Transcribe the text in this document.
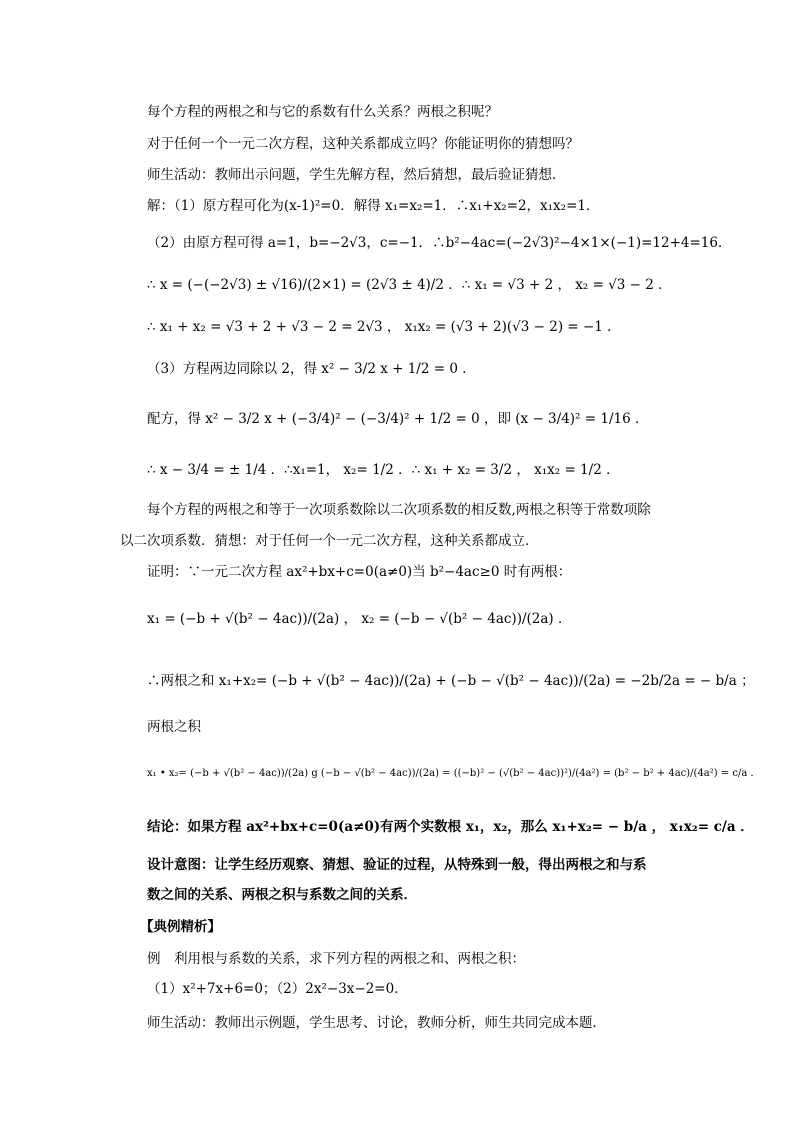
每个方程的两根之和与它的系数有什么关系？两根之积呢？
对于任何一个一元二次方程，这种关系都成立吗？你能证明你的猜想吗？
师生活动：教师出示问题，学生先解方程，然后猜想，最后验证猜想．
解：（1）原方程可化为(x-1)²=0．解得 x₁=x₂=1．∴x₁+x₂=2，x₁x₂=1．
（2）由原方程可得 a=1，b=−2√3，c=−1．∴b²−4ac=(−2√3)²−4×1×(−1)=12+4=16．
∴ x = (−(−2√3) ± √16)/(2×1) = (2√3 ± 4)/2 ．∴ x₁ = √3 + 2 ， x₂ = √3 − 2 ．
∴ x₁ + x₂ = √3 + 2 + √3 − 2 = 2√3 ， x₁x₂ = (√3 + 2)(√3 − 2) = −1 ．
（3）方程两边同除以 2，得 x² − 3/2 x + 1/2 = 0 ．
配方，得 x² − 3/2 x + (−3/4)² − (−3/4)² + 1/2 = 0 ，即 (x − 3/4)² = 1/16 ．
∴ x − 3/4 = ± 1/4 ．∴x₁=1， x₂= 1/2 ．∴ x₁ + x₂ = 3/2 ， x₁x₂ = 1/2 ．
每个方程的两根之和等于一次项系数除以二次项系数的相反数,两根之积等于常数项除
以二次项系数．猜想：对于任何一个一元二次方程，这种关系都成立．
证明：∵一元二次方程 ax²+bx+c=0(a≠0)当 b²−4ac≥0 时有两根：
x₁ = (−b + √(b² − 4ac))/(2a) ， x₂ = (−b − √(b² − 4ac))/(2a) ．
∴两根之和 x₁+x₂= (−b + √(b² − 4ac))/(2a) + (−b − √(b² − 4ac))/(2a) = −2b/2a = − b/a ；
两根之积
x₁ • x₂= (−b + √(b² − 4ac))/(2a) g (−b − √(b² − 4ac))/(2a) = ((−b)² − (√(b² − 4ac))²)/(4a²) = (b² − b² + 4ac)/(4a²) = c/a ．
结论：如果方程 ax²+bx+c=0(a≠0)有两个实数根 x₁，x₂，那么 x₁+x₂= − b/a ， x₁x₂= c/a ．
设计意图：让学生经历观察、猜想、验证的过程，从特殊到一般，得出两根之和与系
数之间的关系、两根之积与系数之间的关系．
【典例精析】
例　利用根与系数的关系，求下列方程的两根之和、两根之积：
（1）x²+7x+6=0；（2）2x²−3x−2=0．
师生活动：教师出示例题，学生思考、讨论，教师分析，师生共同完成本题．
